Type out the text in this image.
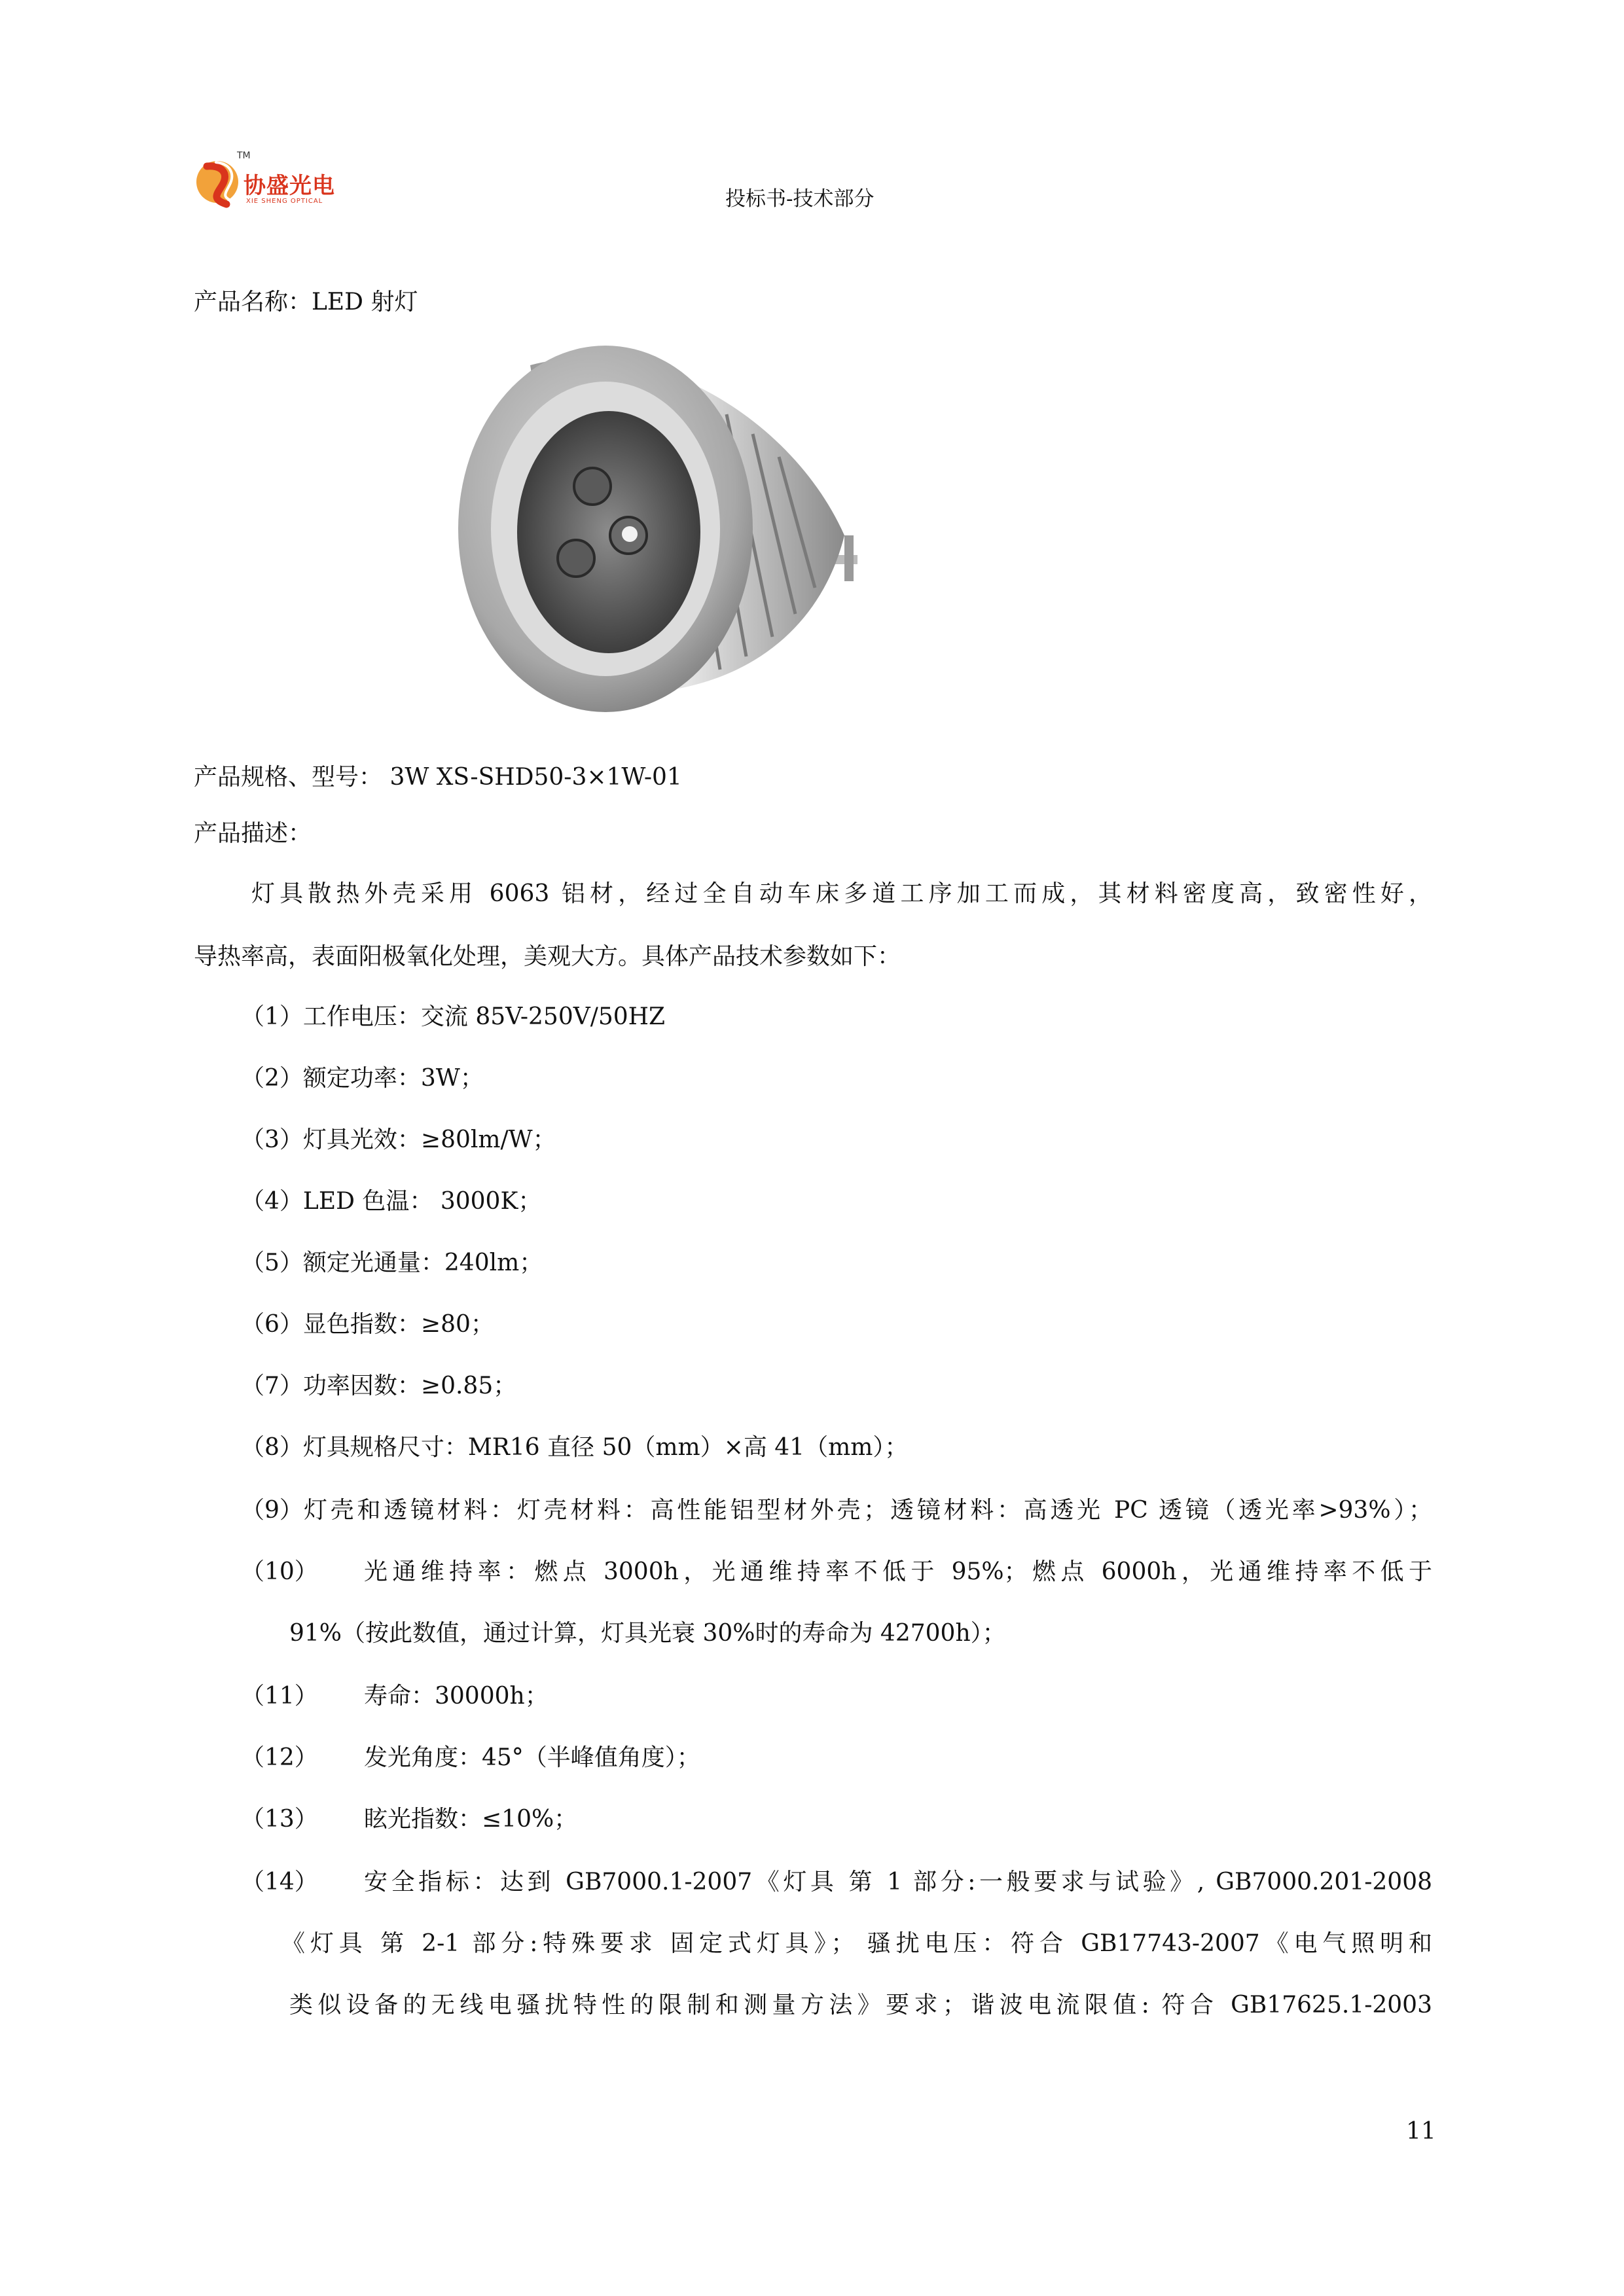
TM
协盛光电
XIE SHENG OPTICAL	投标书-技术部分
产品名称：LED 射灯
产品规格、型号： 3W XS-SHD50-3×1W-01
产品描述：
灯具散热外壳采用 6063 铝材，经过全自动车床多道工序加工而成，其材料密度高，致密性好，
导热率高，表面阳极氧化处理，美观大方。具体产品技术参数如下：
（1）工作电压：交流 85V-250V/50HZ
（2）额定功率：3W；
（3）灯具光效：≥80lm/W；
（4）LED 色温： 3000K；
（5）额定光通量：240lm；
（6）显色指数：≥80；
（7）功率因数：≥0.85；
（8）灯具规格尺寸：MR16 直径 50（mm）×高 41（mm）；
（9） 灯壳和透镜材料：灯壳材料：高性能铝型材外壳；透镜材料：高透光 PC 透镜（透光率>93%）；
（10） 光通维持率：燃点 3000h，光通维持率不低于 95%；燃点 6000h，光通维持率不低于
91%（按此数值，通过计算，灯具光衰 30%时的寿命为 42700h）；
（11） 寿命：30000h；
（12） 发光角度：45°（半峰值角度）；
（13） 眩光指数：≤10%；
（14） 安全指标：达到 GB7000.1-2007《灯具 第 1 部分:一般要求与试验》, GB7000.201-2008
《灯具 第 2-1 部分:特殊要求 固定式灯具》； 骚扰电压：符合 GB17743-2007《电气照明和
类似设备的无线电骚扰特性的限制和测量方法》要求；谐波电流限值: 符合 GB17625.1-2003
11
